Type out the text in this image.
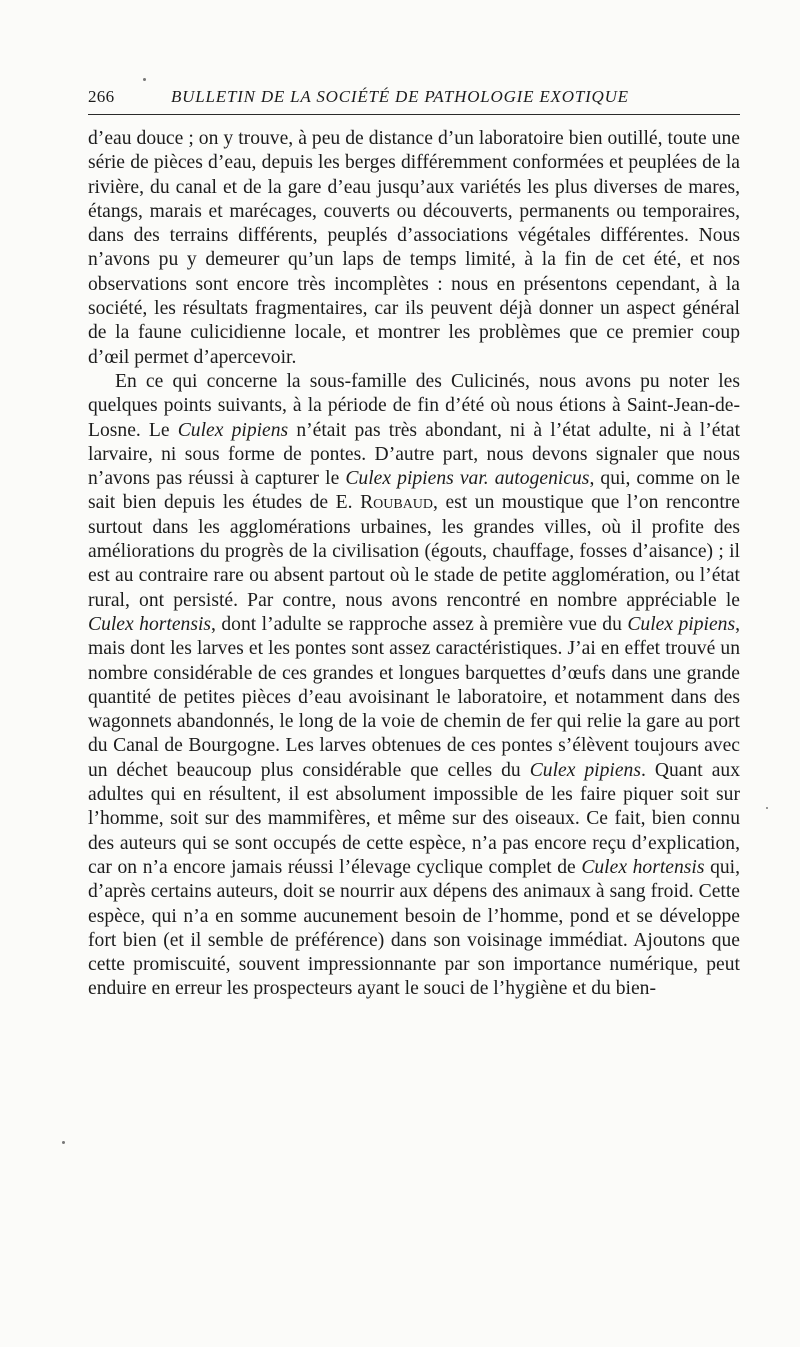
266	BULLETIN DE LA SOCIÉTÉ DE PATHOLOGIE EXOTIQUE

d’eau douce ; on y trouve, à peu de distance d’un laboratoire bien outillé, toute une série de pièces d’eau, depuis les berges différemment conformées et peuplées de la rivière, du canal et de la gare d’eau jusqu’aux variétés les plus diverses de mares, étangs, marais et marécages, couverts ou découverts, permanents ou temporaires, dans des terrains différents, peuplés d’associations végétales différentes. Nous n’avons pu y demeurer qu’un laps de temps limité, à la fin de cet été, et nos observations sont encore très incomplètes : nous en présentons cependant, à la société, les résultats fragmentaires, car ils peuvent déjà donner un aspect général de la faune culicidienne locale, et montrer les problèmes que ce premier coup d’œil permet d’apercevoir.

En ce qui concerne la sous-famille des Culicinés, nous avons pu noter les quelques points suivants, à la période de fin d’été où nous étions à Saint-Jean-de-Losne. Le Culex pipiens n’était pas très abondant, ni à l’état adulte, ni à l’état larvaire, ni sous forme de pontes. D’autre part, nous devons signaler que nous n’avons pas réussi à capturer le Culex pipiens var. autogenicus, qui, comme on le sait bien depuis les études de E. Roubaud, est un moustique que l’on rencontre surtout dans les agglomérations urbaines, les grandes villes, où il profite des améliorations du progrès de la civilisation (égouts, chauffage, fosses d’aisance) ; il est au contraire rare ou absent partout où le stade de petite agglomération, ou l’état rural, ont persisté. Par contre, nous avons rencontré en nombre appréciable le Culex hortensis, dont l’adulte se rapproche assez à première vue du Culex pipiens, mais dont les larves et les pontes sont assez caractéristiques. J’ai en effet trouvé un nombre considérable de ces grandes et longues barquettes d’œufs dans une grande quantité de petites pièces d’eau avoisinant le laboratoire, et notamment dans des wagonnets abandonnés, le long de la voie de chemin de fer qui relie la gare au port du Canal de Bourgogne. Les larves obtenues de ces pontes s’élèvent toujours avec un déchet beaucoup plus considérable que celles du Culex pipiens. Quant aux adultes qui en résultent, il est absolument impossible de les faire piquer soit sur l’homme, soit sur des mammifères, et même sur des oiseaux. Ce fait, bien connu des auteurs qui se sont occupés de cette espèce, n’a pas encore reçu d’explication, car on n’a encore jamais réussi l’élevage cyclique complet de Culex hortensis qui, d’après certains auteurs, doit se nourrir aux dépens des animaux à sang froid. Cette espèce, qui n’a en somme aucunement besoin de l’homme, pond et se développe fort bien (et il semble de préférence) dans son voisinage immédiat. Ajoutons que cette promiscuité, souvent impressionnante par son importance numérique, peut enduire en erreur les prospecteurs ayant le souci de l’hygiène et du bien-
